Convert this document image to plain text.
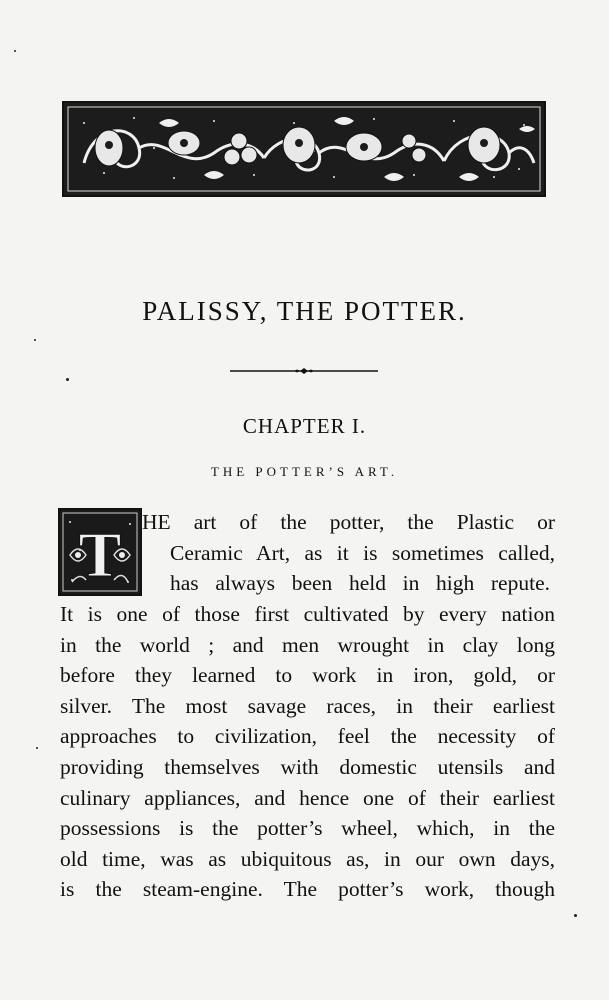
PALISSY, THE POTTER.
CHAPTER I.
THE POTTER’S ART.
T HE art of the potter, the Plastic or
Ceramic Art, as it is sometimes called,
has always been held in high repute.
It is one of those first cultivated by every nation
in the world ; and men wrought in clay long
before they learned to work in iron, gold, or
silver. The most savage races, in their earliest
approaches to civilization, feel the necessity of
providing themselves with domestic utensils and
culinary appliances, and hence one of their earliest
possessions is the potter’s wheel, which, in the
old time, was as ubiquitous as, in our own days,
is the steam-engine. The potter’s work, though
